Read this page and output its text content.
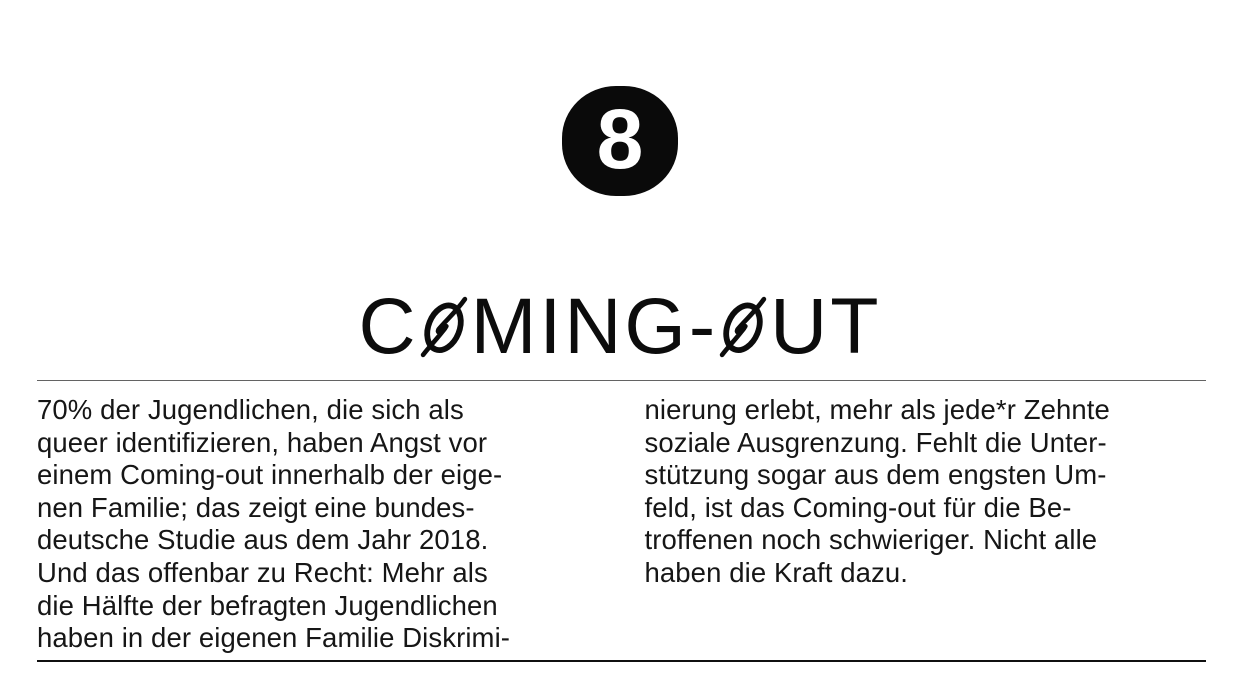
8
C MING- UT
70% der Jugendlichen, die sich als
queer identifizieren, haben Angst vor
einem Coming-out innerhalb der eige-
nen Familie; das zeigt eine bundes-
deutsche Studie aus dem Jahr 2018.
Und das offenbar zu Recht: Mehr als
die Hälfte der befragten Jugendlichen
haben in der eigenen Familie Diskrimi-
nierung erlebt, mehr als jede*r Zehnte
soziale Ausgrenzung. Fehlt die Unter-
stützung sogar aus dem engsten Um-
feld, ist das Coming-out für die Be-
troffenen noch schwieriger. Nicht alle
haben die Kraft dazu.
